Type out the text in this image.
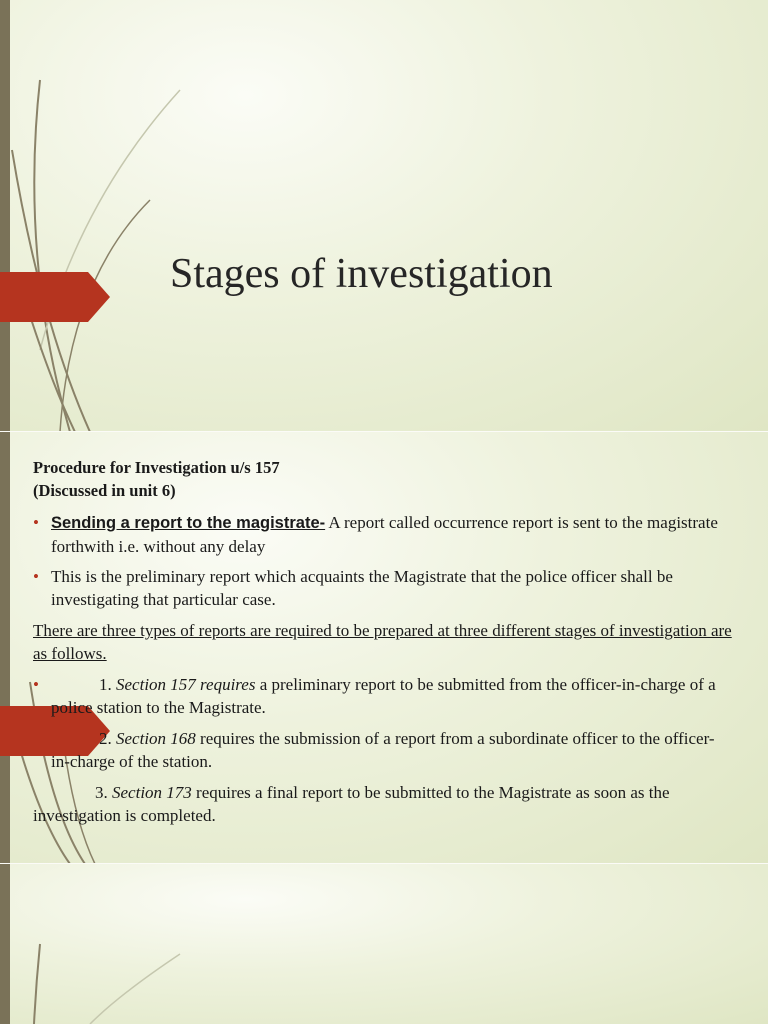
Stages of investigation
Procedure for Investigation u/s 157
(Discussed in unit 6)
• Sending a report to the magistrate- A report called occurrence report is sent to the magistrate forthwith i.e. without any delay
• This is the preliminary report which acquaints the Magistrate that the police officer shall be investigating that particular case.
There are three types of reports are required to be prepared at three different stages of investigation are as follows.
•	1. Section 157 requires a preliminary report to be submitted from the officer-in-charge of a police station to the Magistrate.
2. Section 168 requires the submission of a report from a subordinate officer to the officer-in-charge of the station.
3. Section 173 requires a final report to be submitted to the Magistrate as soon as the investigation is completed.
